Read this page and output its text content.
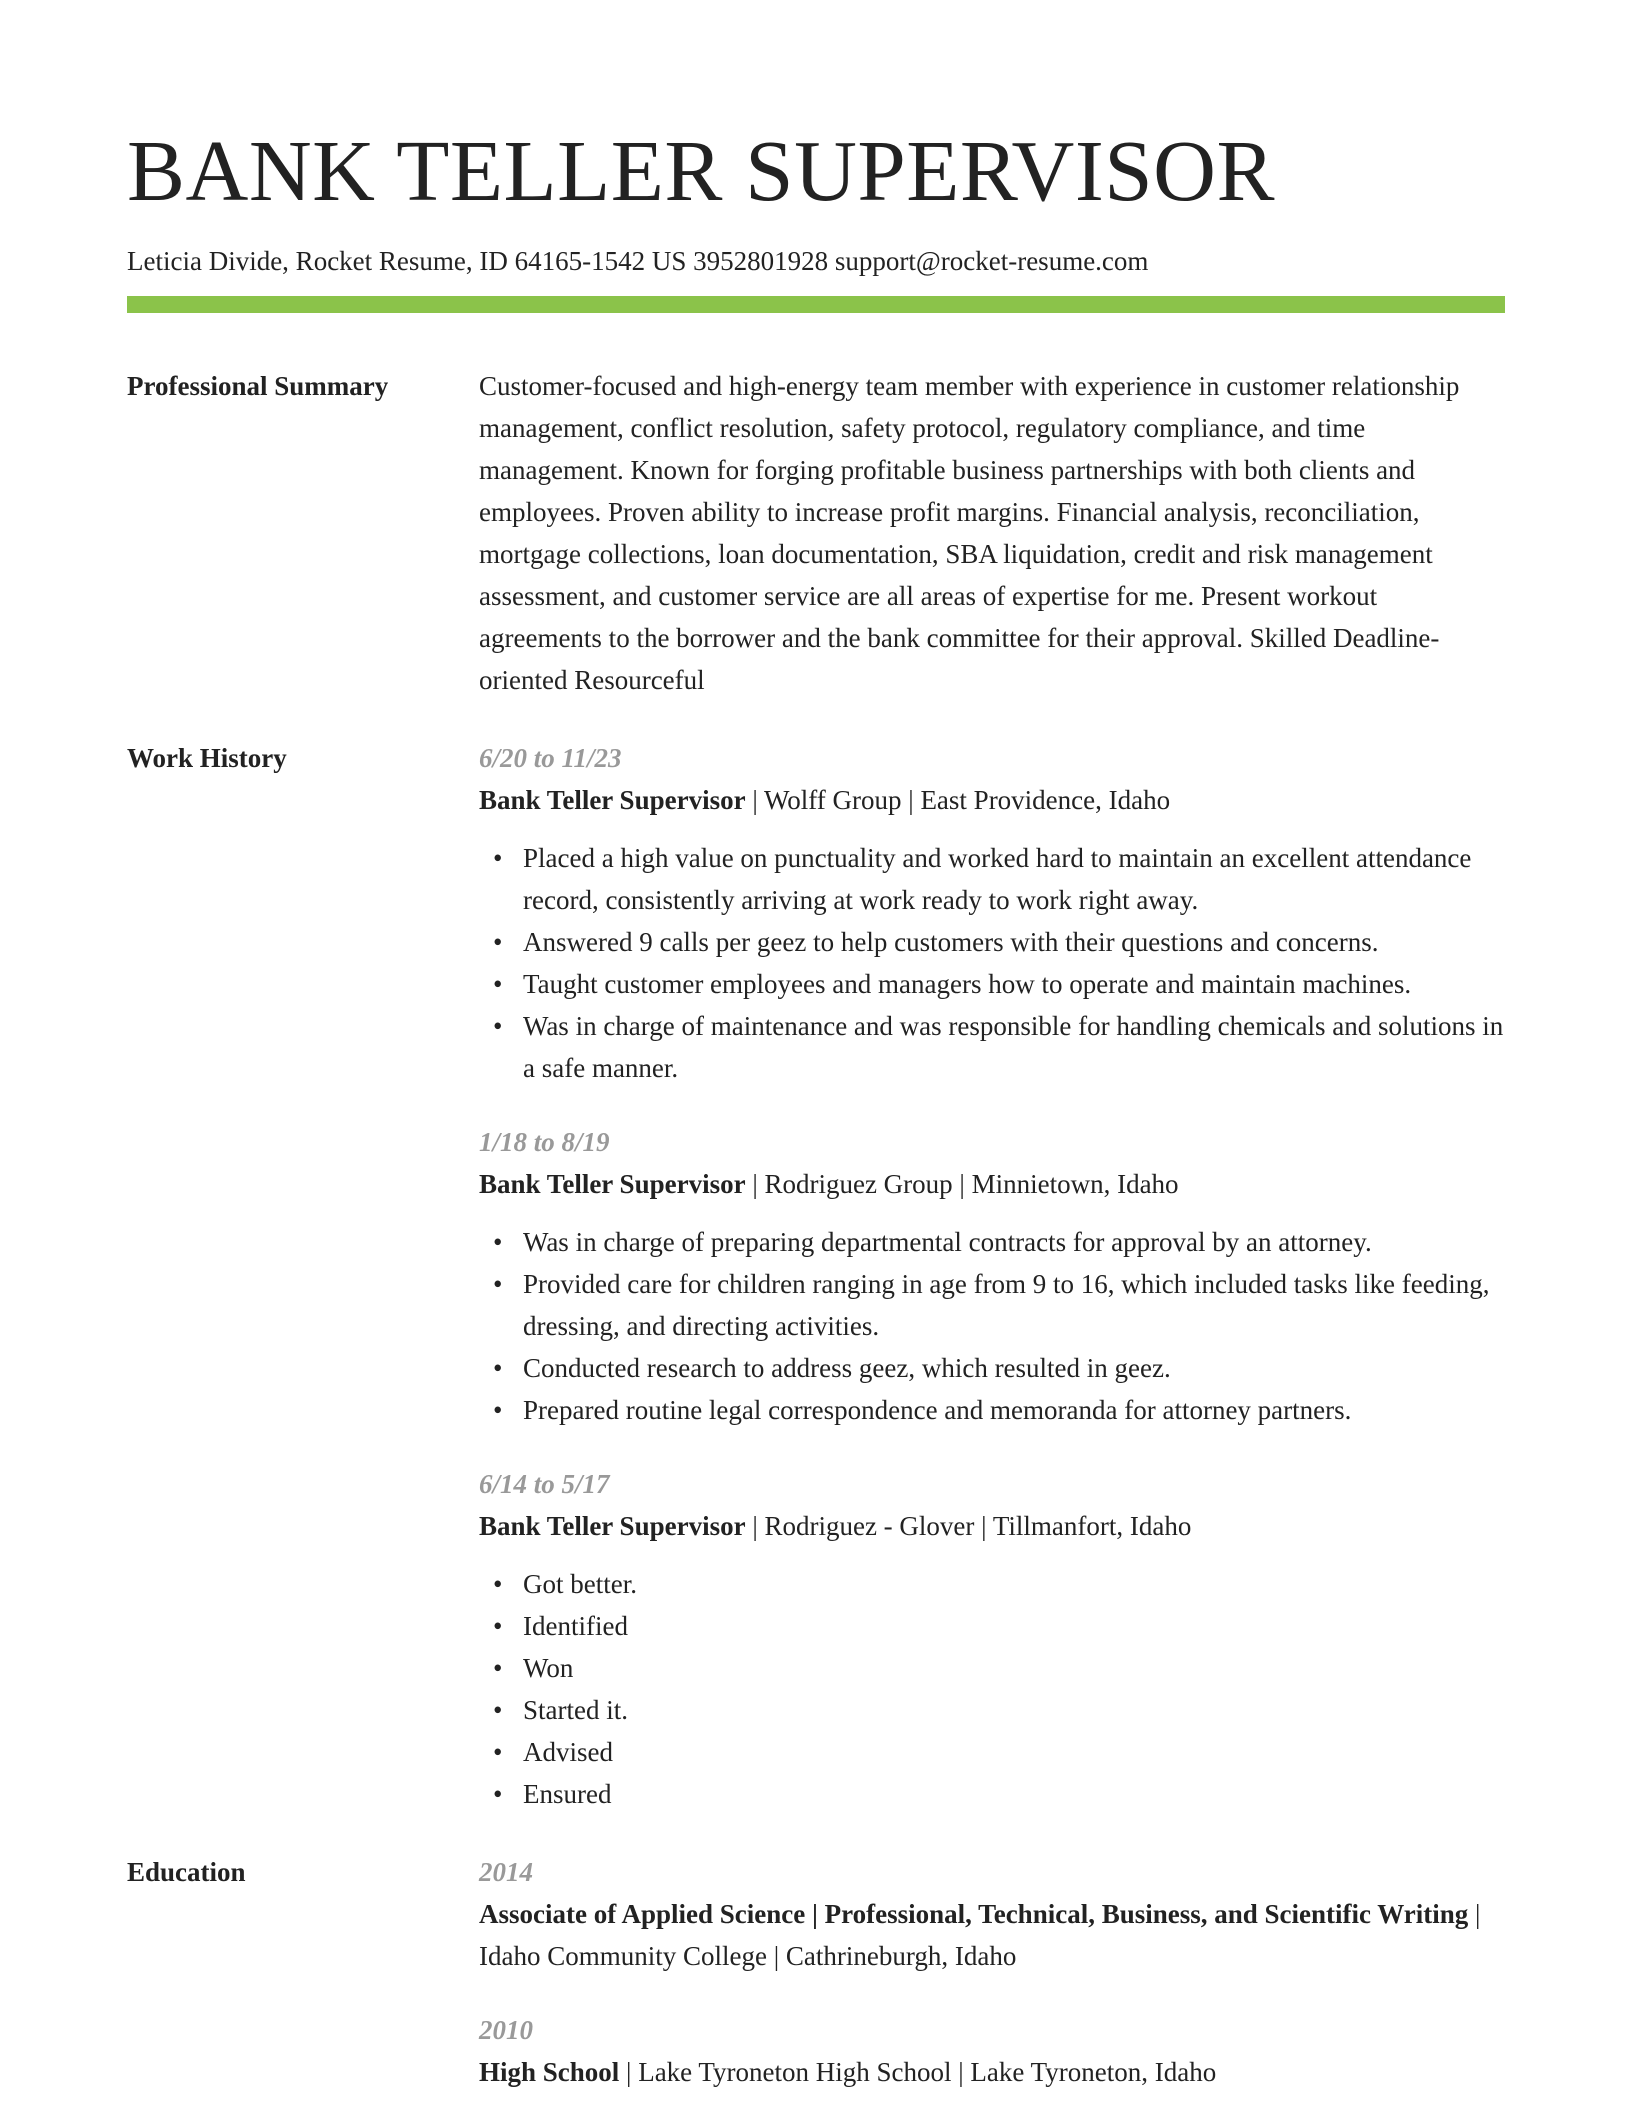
BANK TELLER SUPERVISOR
Leticia Divide, Rocket Resume, ID 64165-1542 US 3952801928 support@rocket-resume.com
Professional Summary	Customer-focused and high-energy team member with experience in customer relationship management, conflict resolution, safety protocol, regulatory compliance, and time management. Known for forging profitable business partnerships with both clients and employees. Proven ability to increase profit margins. Financial analysis, reconciliation, mortgage collections, loan documentation, SBA liquidation, credit and risk management assessment, and customer service are all areas of expertise for me. Present workout agreements to the borrower and the bank committee for their approval. Skilled Deadline-oriented Resourceful

Work History	6/20 to 11/23
Bank Teller Supervisor | Wolff Group | East Providence, Idaho
• Placed a high value on punctuality and worked hard to maintain an excellent attendance record, consistently arriving at work ready to work right away.
• Answered 9 calls per geez to help customers with their questions and concerns.
• Taught customer employees and managers how to operate and maintain machines.
• Was in charge of maintenance and was responsible for handling chemicals and solutions in a safe manner.
1/18 to 8/19
Bank Teller Supervisor | Rodriguez Group | Minnietown, Idaho
• Was in charge of preparing departmental contracts for approval by an attorney.
• Provided care for children ranging in age from 9 to 16, which included tasks like feeding, dressing, and directing activities.
• Conducted research to address geez, which resulted in geez.
• Prepared routine legal correspondence and memoranda for attorney partners.
6/14 to 5/17
Bank Teller Supervisor | Rodriguez - Glover | Tillmanfort, Idaho
• Got better.
• Identified
• Won
• Started it.
• Advised
• Ensured
Education	2014
Associate of Applied Science | Professional, Technical, Business, and Scientific Writing | Idaho Community College | Cathrineburgh, Idaho
2010
High School | Lake Tyroneton High School | Lake Tyroneton, Idaho
